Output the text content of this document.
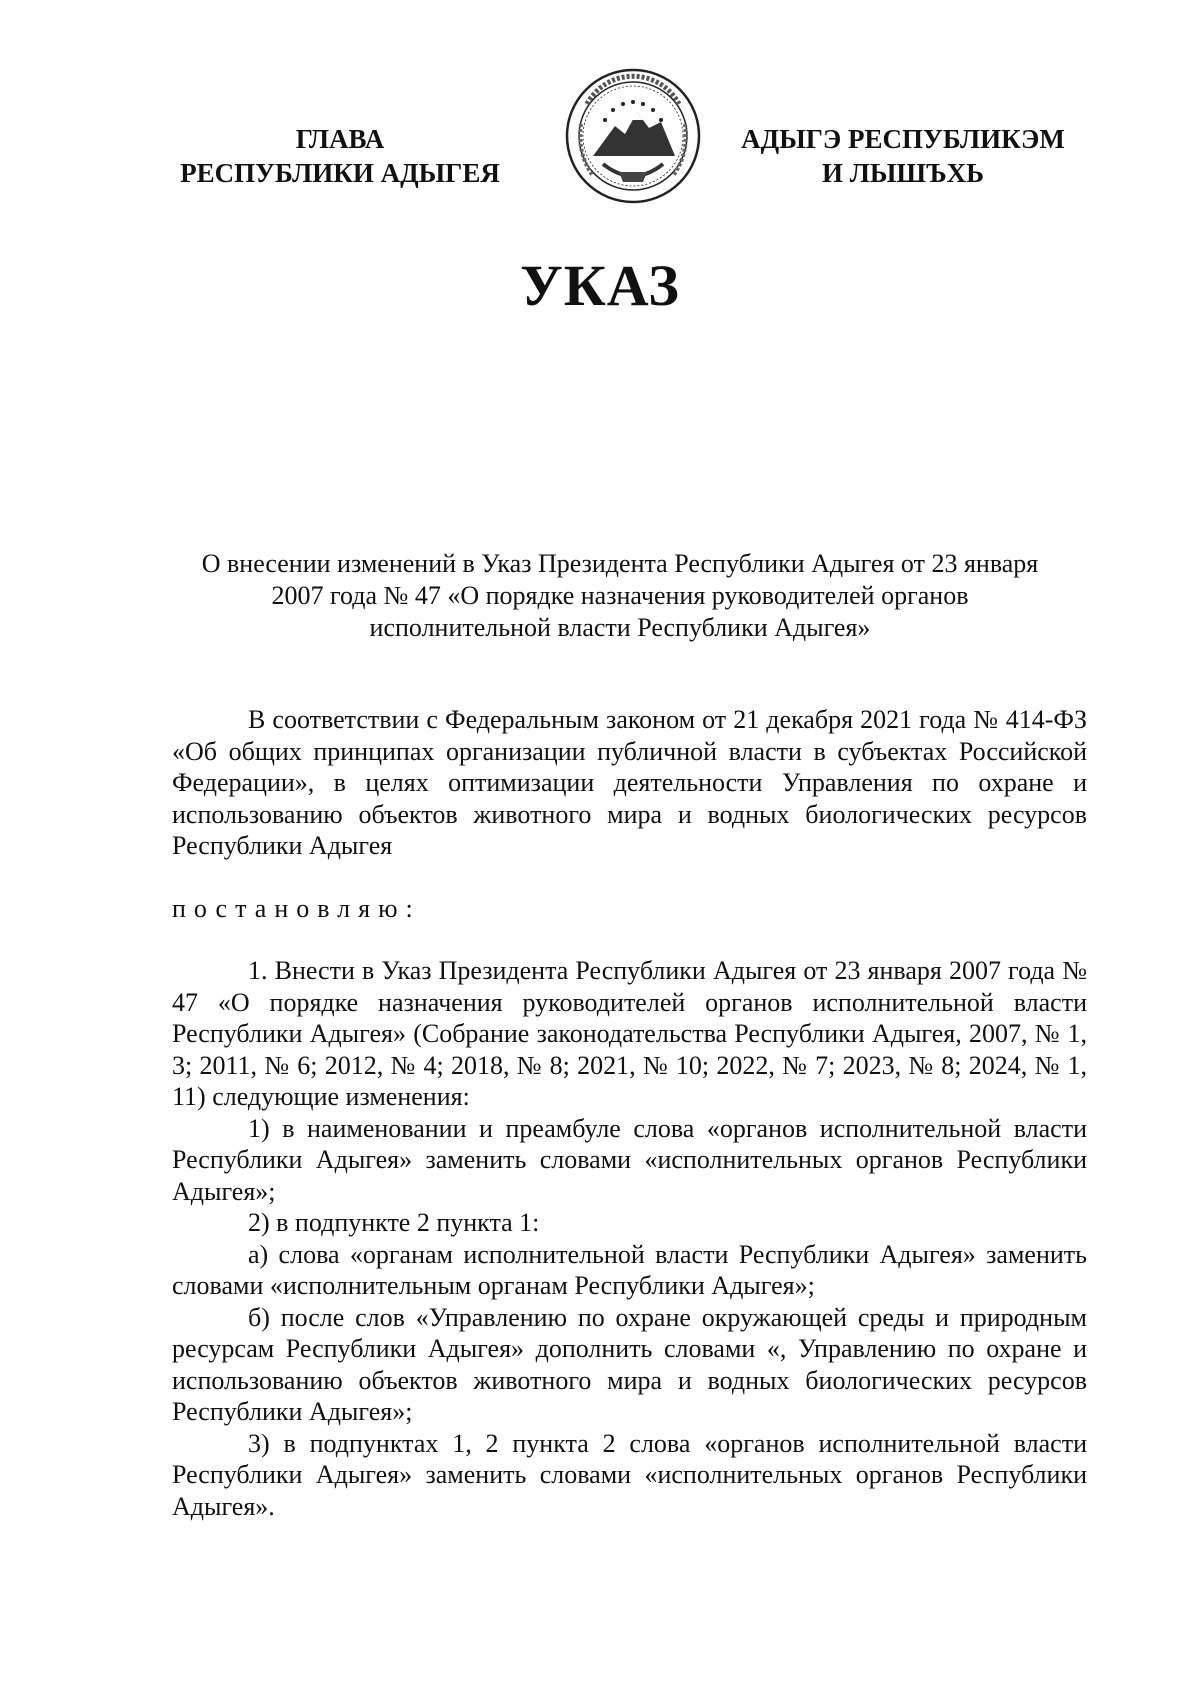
ГЛАВА
РЕСПУБЛИКИ АДЫГЕЯ
АДЫГЭ РЕСПУБЛИКЭМ
И ЛЫШЪХЬ
УКАЗ
О внесении изменений в Указ Президента Республики Адыгея от 23 января
2007 года № 47 «О порядке назначения руководителей органов
исполнительной власти Республики Адыгея»

В соответствии с Федеральным законом от 21 декабря 2021 года № 414-ФЗ «Об общих принципах организации публичной власти в субъектах Российской Федерации», в целях оптимизации деятельности Управления по охране и использованию объектов животного мира и водных биологических ресурсов Республики Адыгея

постановляю:

1. Внести в Указ Президента Республики Адыгея от 23 января 2007 года № 47 «О порядке назначения руководителей органов исполнительной власти Республики Адыгея» (Собрание законодательства Республики Адыгея, 2007, № 1, 3; 2011, № 6; 2012, № 4; 2018, № 8; 2021, № 10; 2022, № 7; 2023, № 8; 2024, № 1, 11) следующие изменения:

1) в наименовании и преамбуле слова «органов исполнительной власти Республики Адыгея» заменить словами «исполнительных органов Республики Адыгея»;

2) в подпункте 2 пункта 1:

а) слова «органам исполнительной власти Республики Адыгея» заменить словами «исполнительным органам Республики Адыгея»;

б) после слов «Управлению по охране окружающей среды и природным ресурсам Республики Адыгея» дополнить словами «, Управлению по охране и использованию объектов животного мира и водных биологических ресурсов Республики Адыгея»;

3) в подпунктах 1, 2 пункта 2 слова «органов исполнительной власти Республики Адыгея» заменить словами «исполнительных органов Республики Адыгея».
